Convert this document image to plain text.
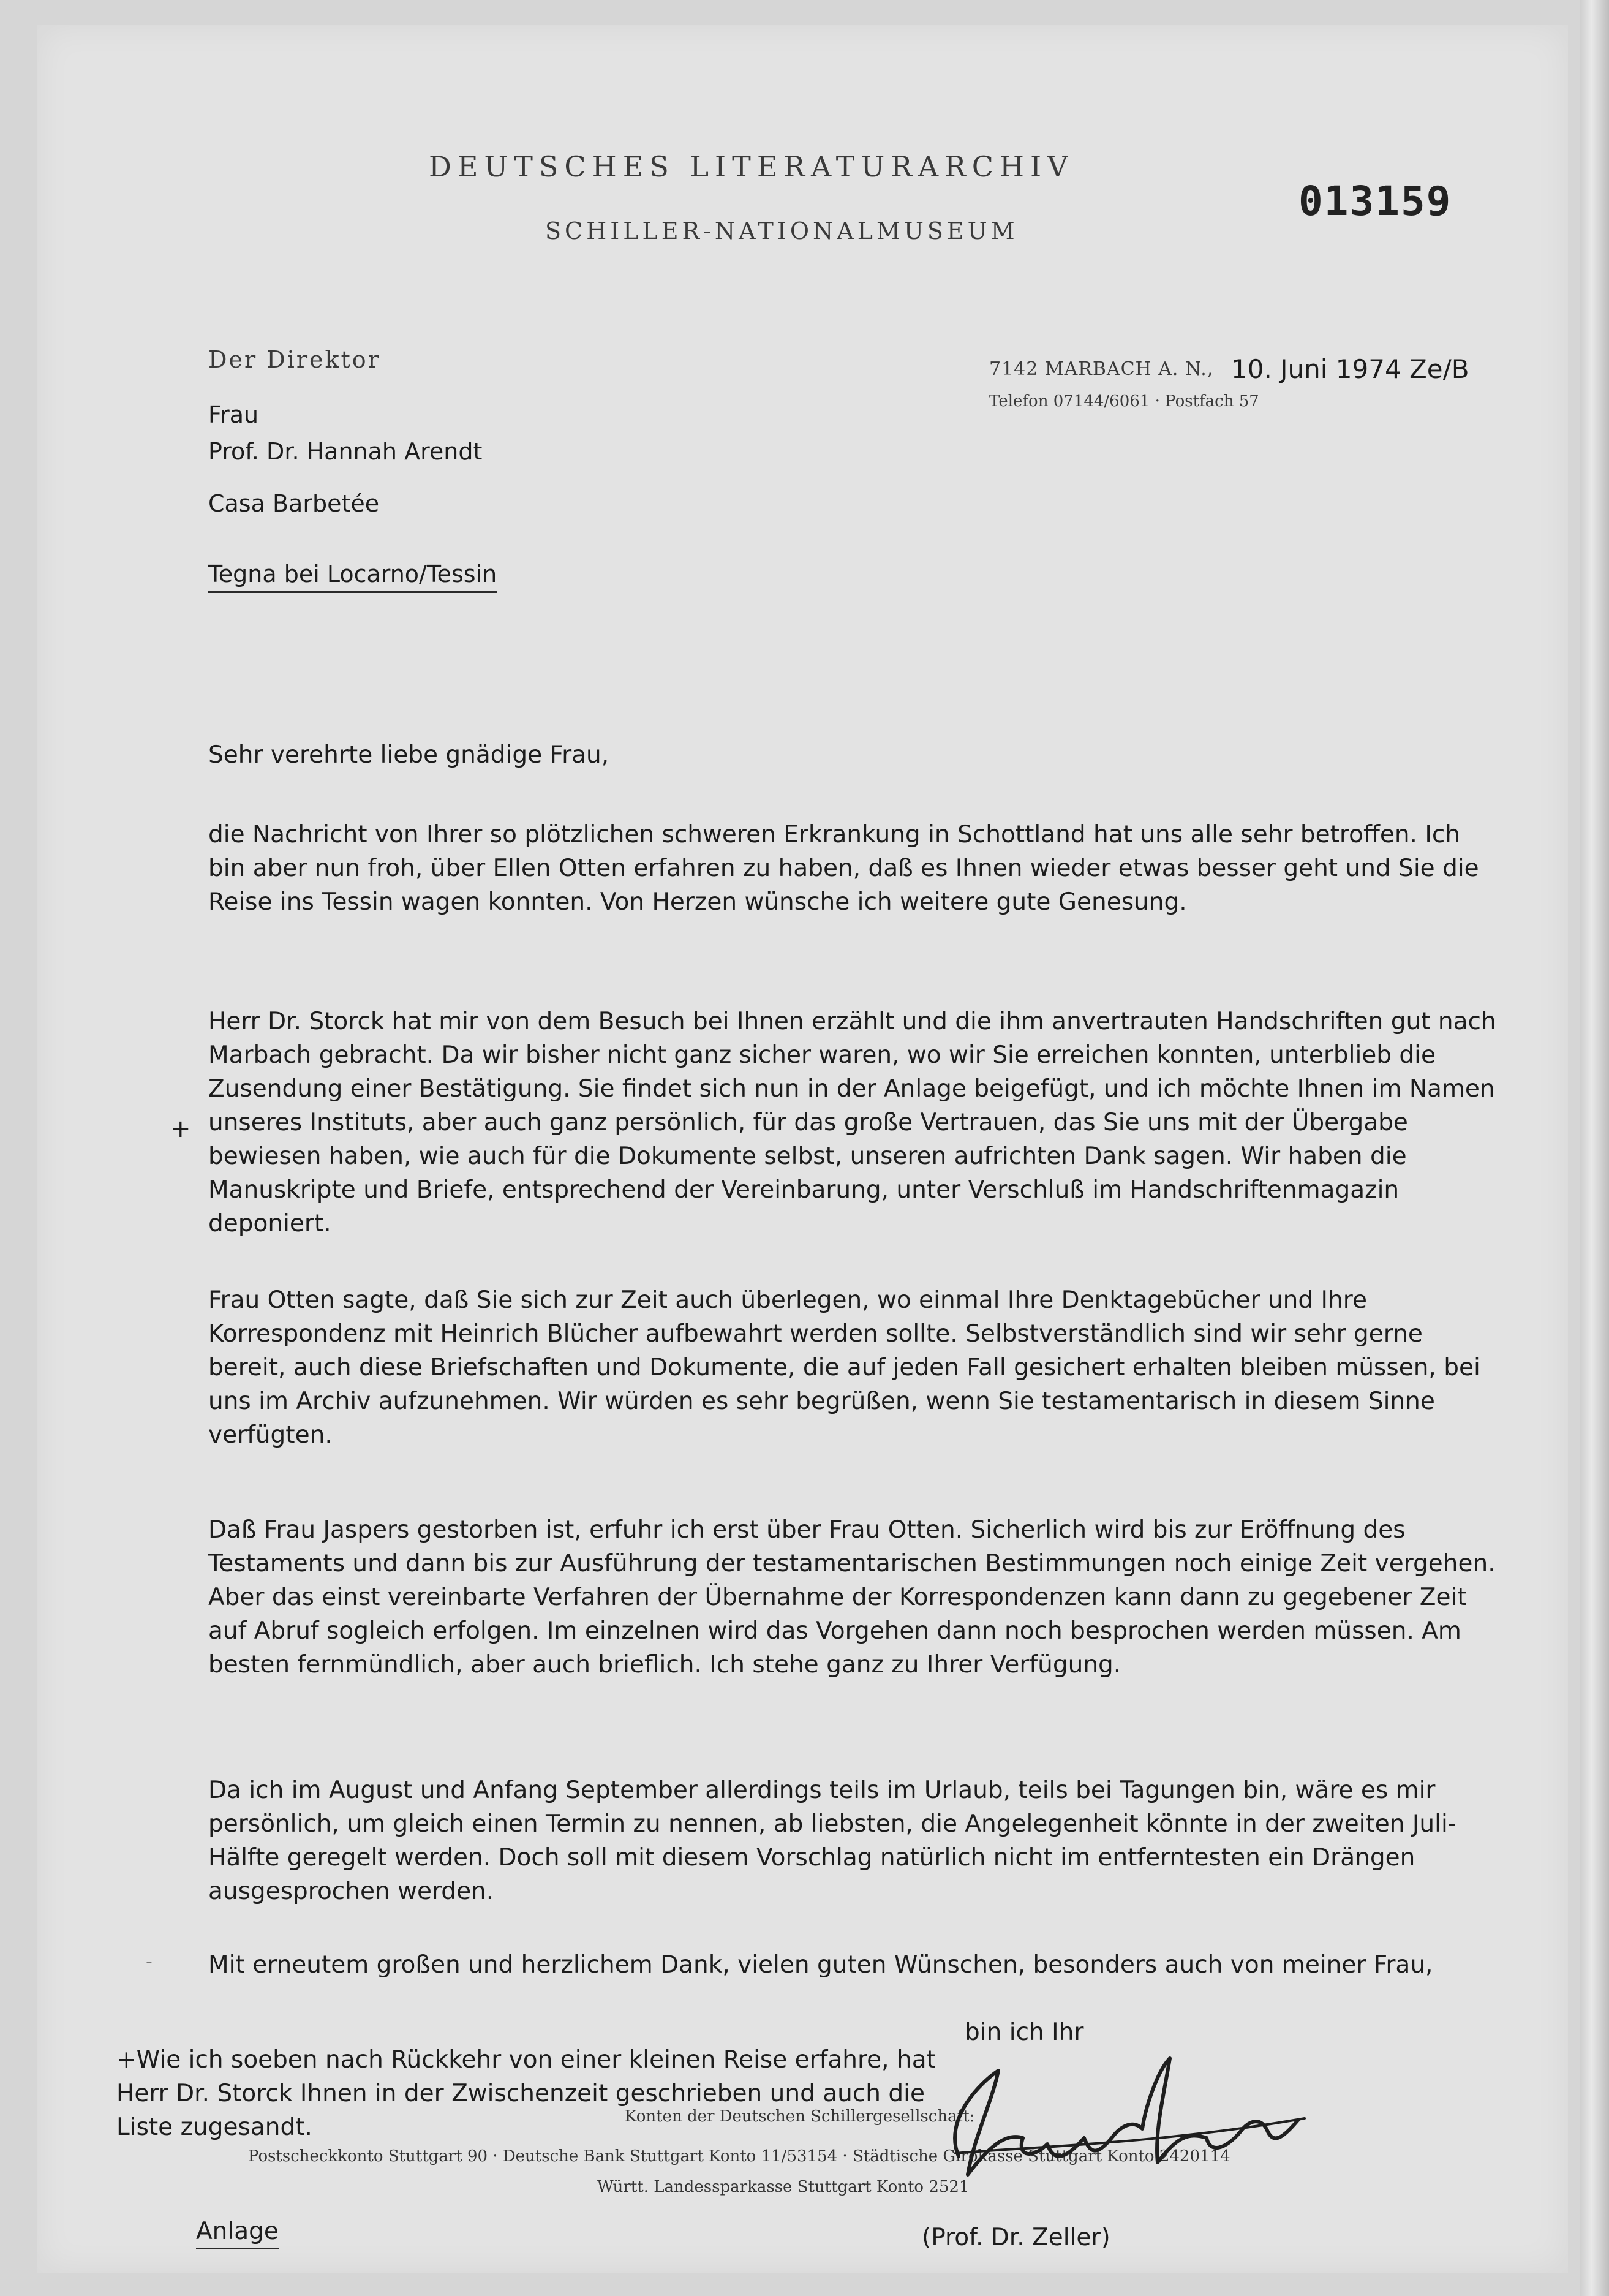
DEUTSCHES LITERATURARCHIV
SCHILLER-NATIONALMUSEUM
013159
Der Direktor	7142 MARBACH A. N., 10. Juni 1974 Ze/B
Telefon 07144/6061 · Postfach 57
Frau
Prof. Dr. Hannah Arendt
Casa Barbetée
Tegna bei Locarno/Tessin
Sehr verehrte liebe gnädige Frau,

die Nachricht von Ihrer so plötzlichen schweren Erkrankung in Schottland hat uns alle sehr betroffen. Ich bin aber nun froh, über Ellen Otten erfahren zu haben, daß es Ihnen wieder etwas besser geht und Sie die Reise ins Tessin wagen konnten. Von Herzen wünsche ich weitere gute Genesung.

Herr Dr. Storck hat mir von dem Besuch bei Ihnen erzählt und die ihm anvertrauten Handschriften gut nach Marbach gebracht. Da wir bisher nicht ganz sicher waren, wo wir Sie erreichen konnten, unterblieb die Zusendung einer Bestätigung. Sie findet sich nun in der Anlage beigefügt, und ich möchte Ihnen im Namen unseres Instituts, aber auch ganz persönlich, für das große Vertrauen, das Sie uns mit der Übergabe bewiesen haben, wie auch für die Dokumente selbst, unseren aufrichten Dank sagen. Wir haben die Manuskripte und Briefe, entsprechend der Vereinbarung, unter Verschluß im Handschriftenmagazin deponiert.

Frau Otten sagte, daß Sie sich zur Zeit auch überlegen, wo einmal Ihre Denktagebücher und Ihre Korrespondenz mit Heinrich Blücher aufbewahrt werden sollte. Selbstverständlich sind wir sehr gerne bereit, auch diese Briefschaften und Dokumente, die auf jeden Fall gesichert erhalten bleiben müssen, bei uns im Archiv aufzunehmen. Wir würden es sehr begrüßen, wenn Sie testamentarisch in diesem Sinne verfügten.

Daß Frau Jaspers gestorben ist, erfuhr ich erst über Frau Otten. Sicherlich wird bis zur Eröffnung des Testaments und dann bis zur Ausführung der testamentarischen Bestimmungen noch einige Zeit vergehen. Aber das einst vereinbarte Verfahren der Übernahme der Korrespondenzen kann dann zu gegebener Zeit auf Abruf sogleich erfolgen. Im einzelnen wird das Vorgehen dann noch besprochen werden müssen. Am besten fernmündlich, aber auch brieflich. Ich stehe ganz zu Ihrer Verfügung.

Da ich im August und Anfang September allerdings teils im Urlaub, teils bei Tagungen bin, wäre es mir persönlich, um gleich einen Termin zu nennen, ab liebsten, die Angelegenheit könnte in der zweiten Juli-Hälfte geregelt werden. Doch soll mit diesem Vorschlag natürlich nicht im entferntesten ein Drängen ausgesprochen werden.

Mit erneutem großen und herzlichem Dank, vielen guten Wünschen, besonders auch von meiner Frau,

+
‐
bin ich Ihr
+Wie ich soeben nach Rückkehr von einer kleinen Reise erfahre, hat Herr Dr. Storck Ihnen in der Zwischenzeit geschrieben und auch die Liste zugesandt.	Konten der Deutschen Schillergesellschaft:
Postscheckkonto Stuttgart 90 · Deutsche Bank Stuttgart Konto 11/53154 · Städtische Girokasse Stuttgart Konto 2420114
Württ. Landessparkasse Stuttgart Konto 2521
Anlage	(Prof. Dr. Zeller)
